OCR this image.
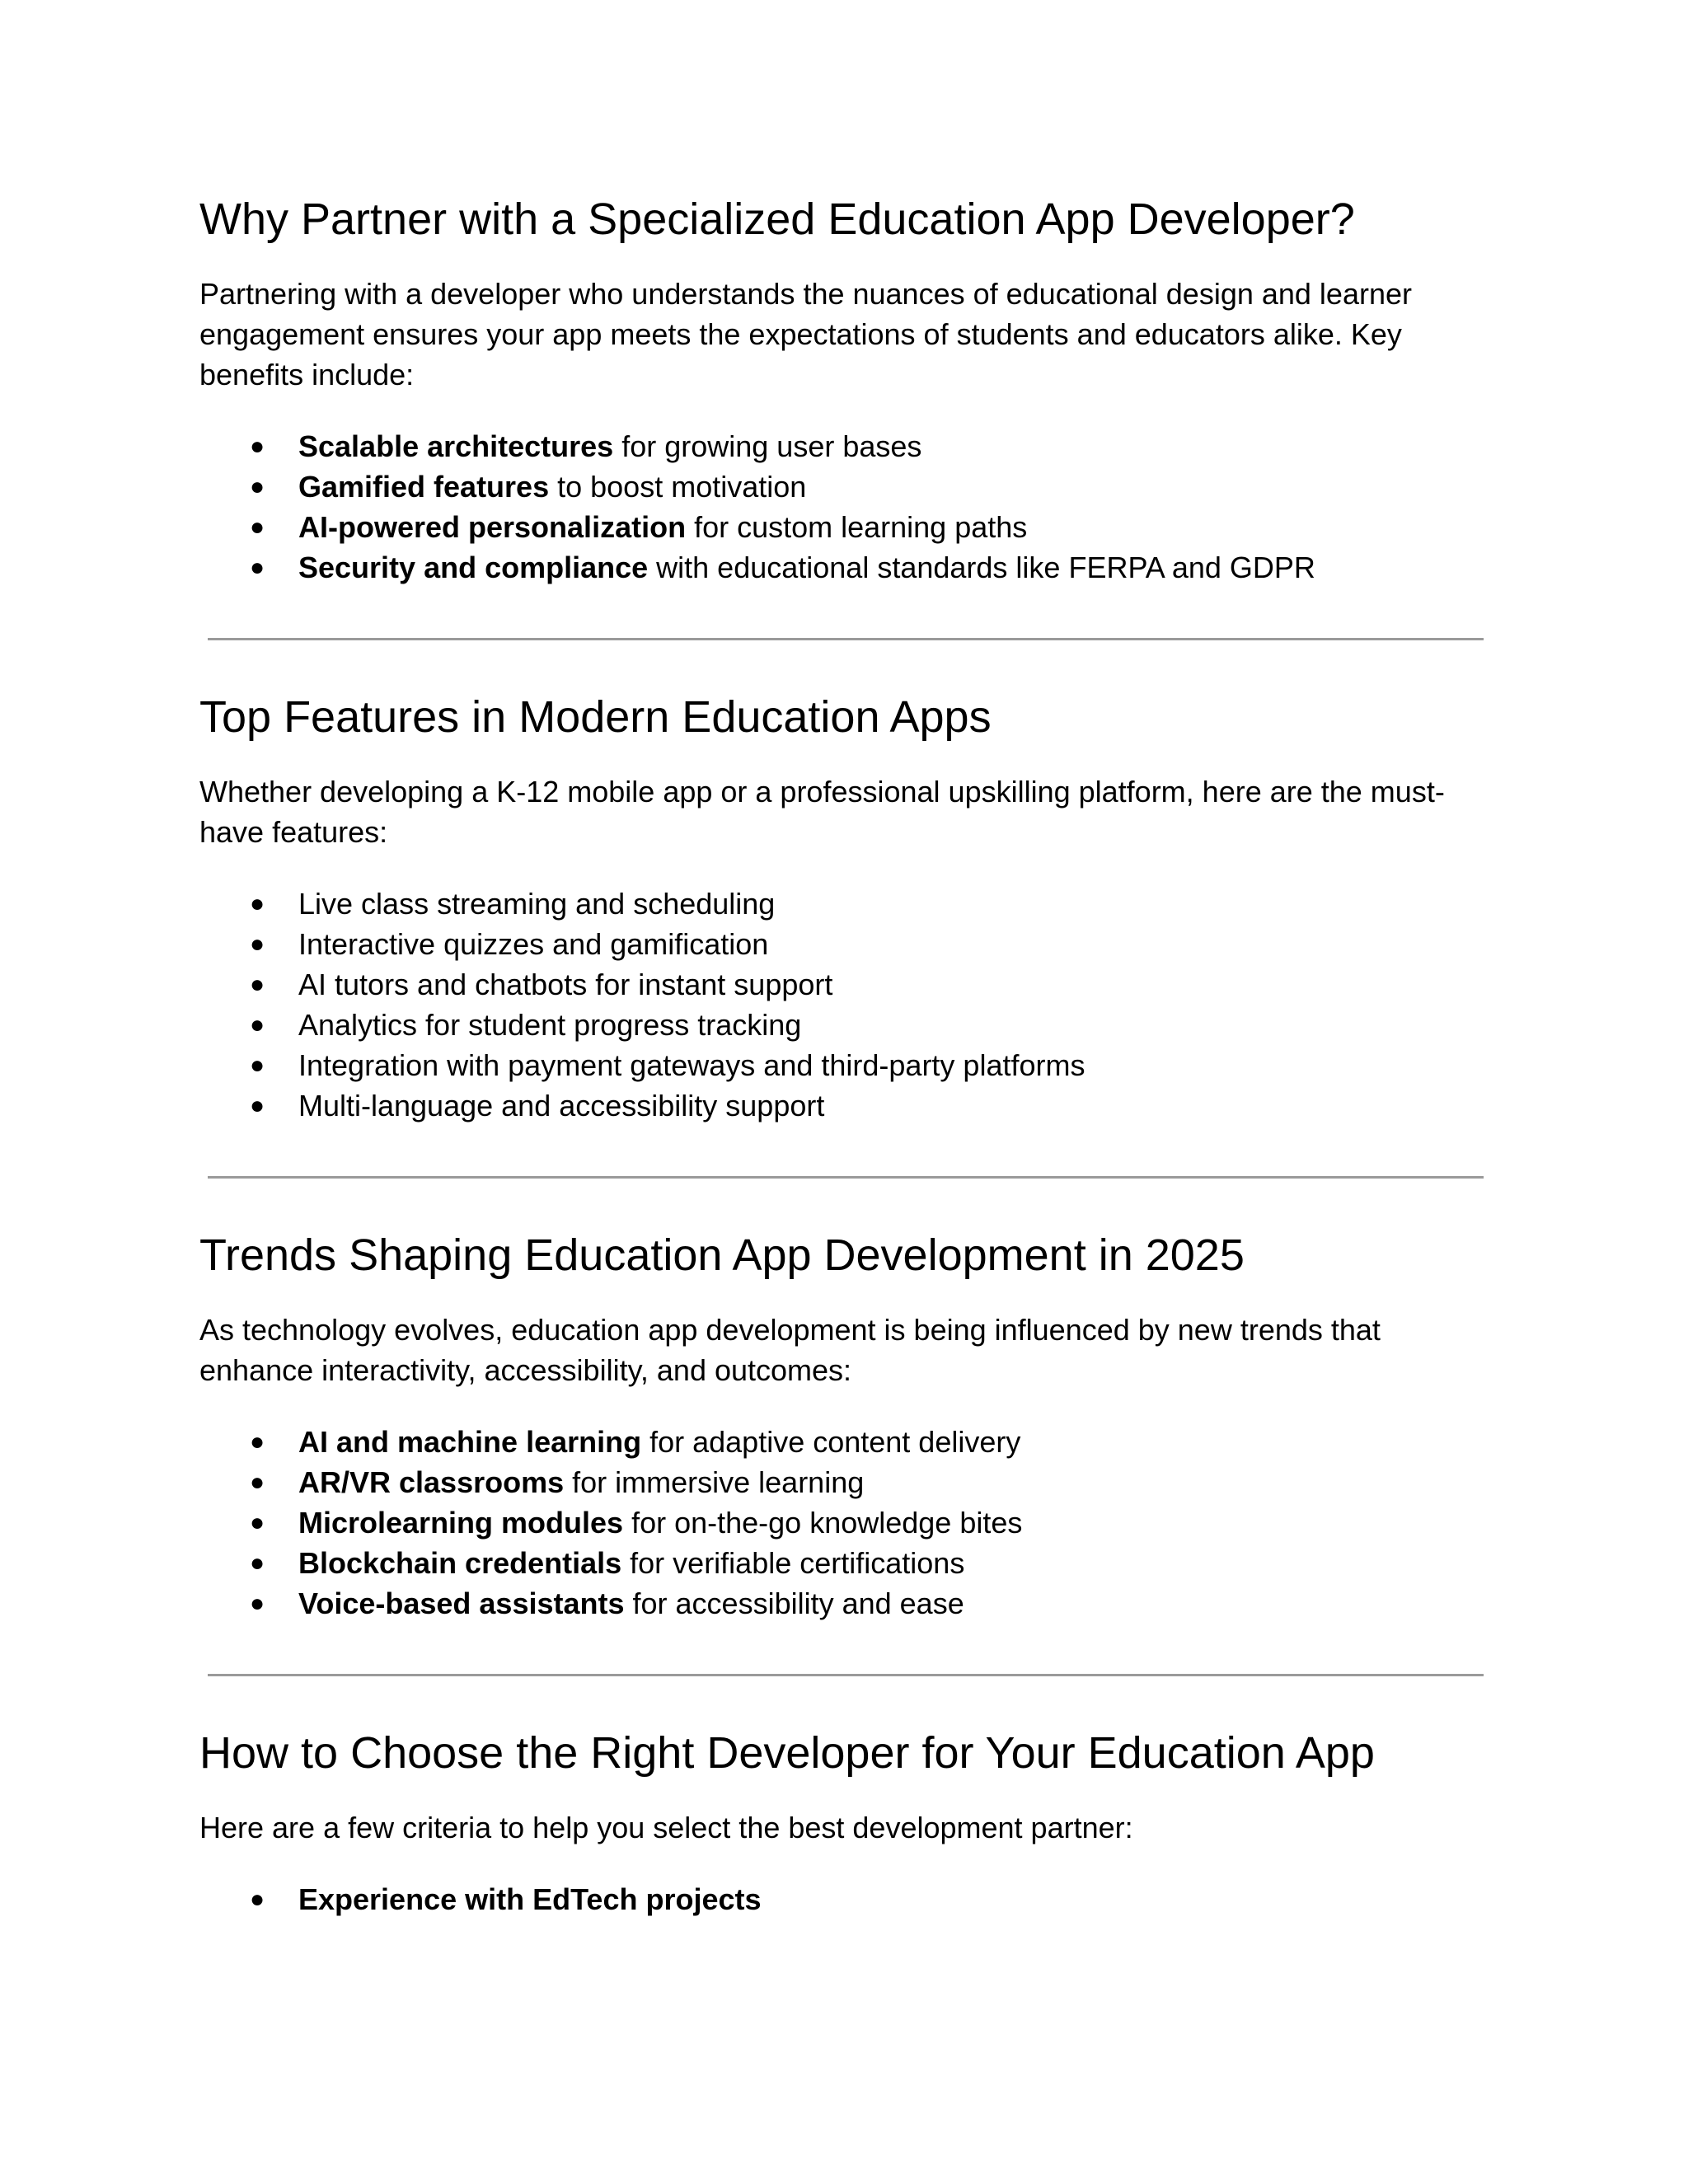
Why Partner with a Specialized Education App Developer?

Partnering with a developer who understands the nuances of educational design and learner engagement ensures your app meets the expectations of students and educators alike. Key benefits include:

● Scalable architectures for growing user bases
● Gamified features to boost motivation
● AI-powered personalization for custom learning paths
● Security and compliance with educational standards like FERPA and GDPR
Top Features in Modern Education Apps

Whether developing a K-12 mobile app or a professional upskilling platform, here are the must-have features:

● Live class streaming and scheduling
● Interactive quizzes and gamification
● AI tutors and chatbots for instant support
● Analytics for student progress tracking
● Integration with payment gateways and third-party platforms
● Multi-language and accessibility support
Trends Shaping Education App Development in 2025

As technology evolves, education app development is being influenced by new trends that enhance interactivity, accessibility, and outcomes:

● AI and machine learning for adaptive content delivery
● AR/VR classrooms for immersive learning
● Microlearning modules for on-the-go knowledge bites
● Blockchain credentials for verifiable certifications
● Voice-based assistants for accessibility and ease
How to Choose the Right Developer for Your Education App

Here are a few criteria to help you select the best development partner:

● Experience with EdTech projects
